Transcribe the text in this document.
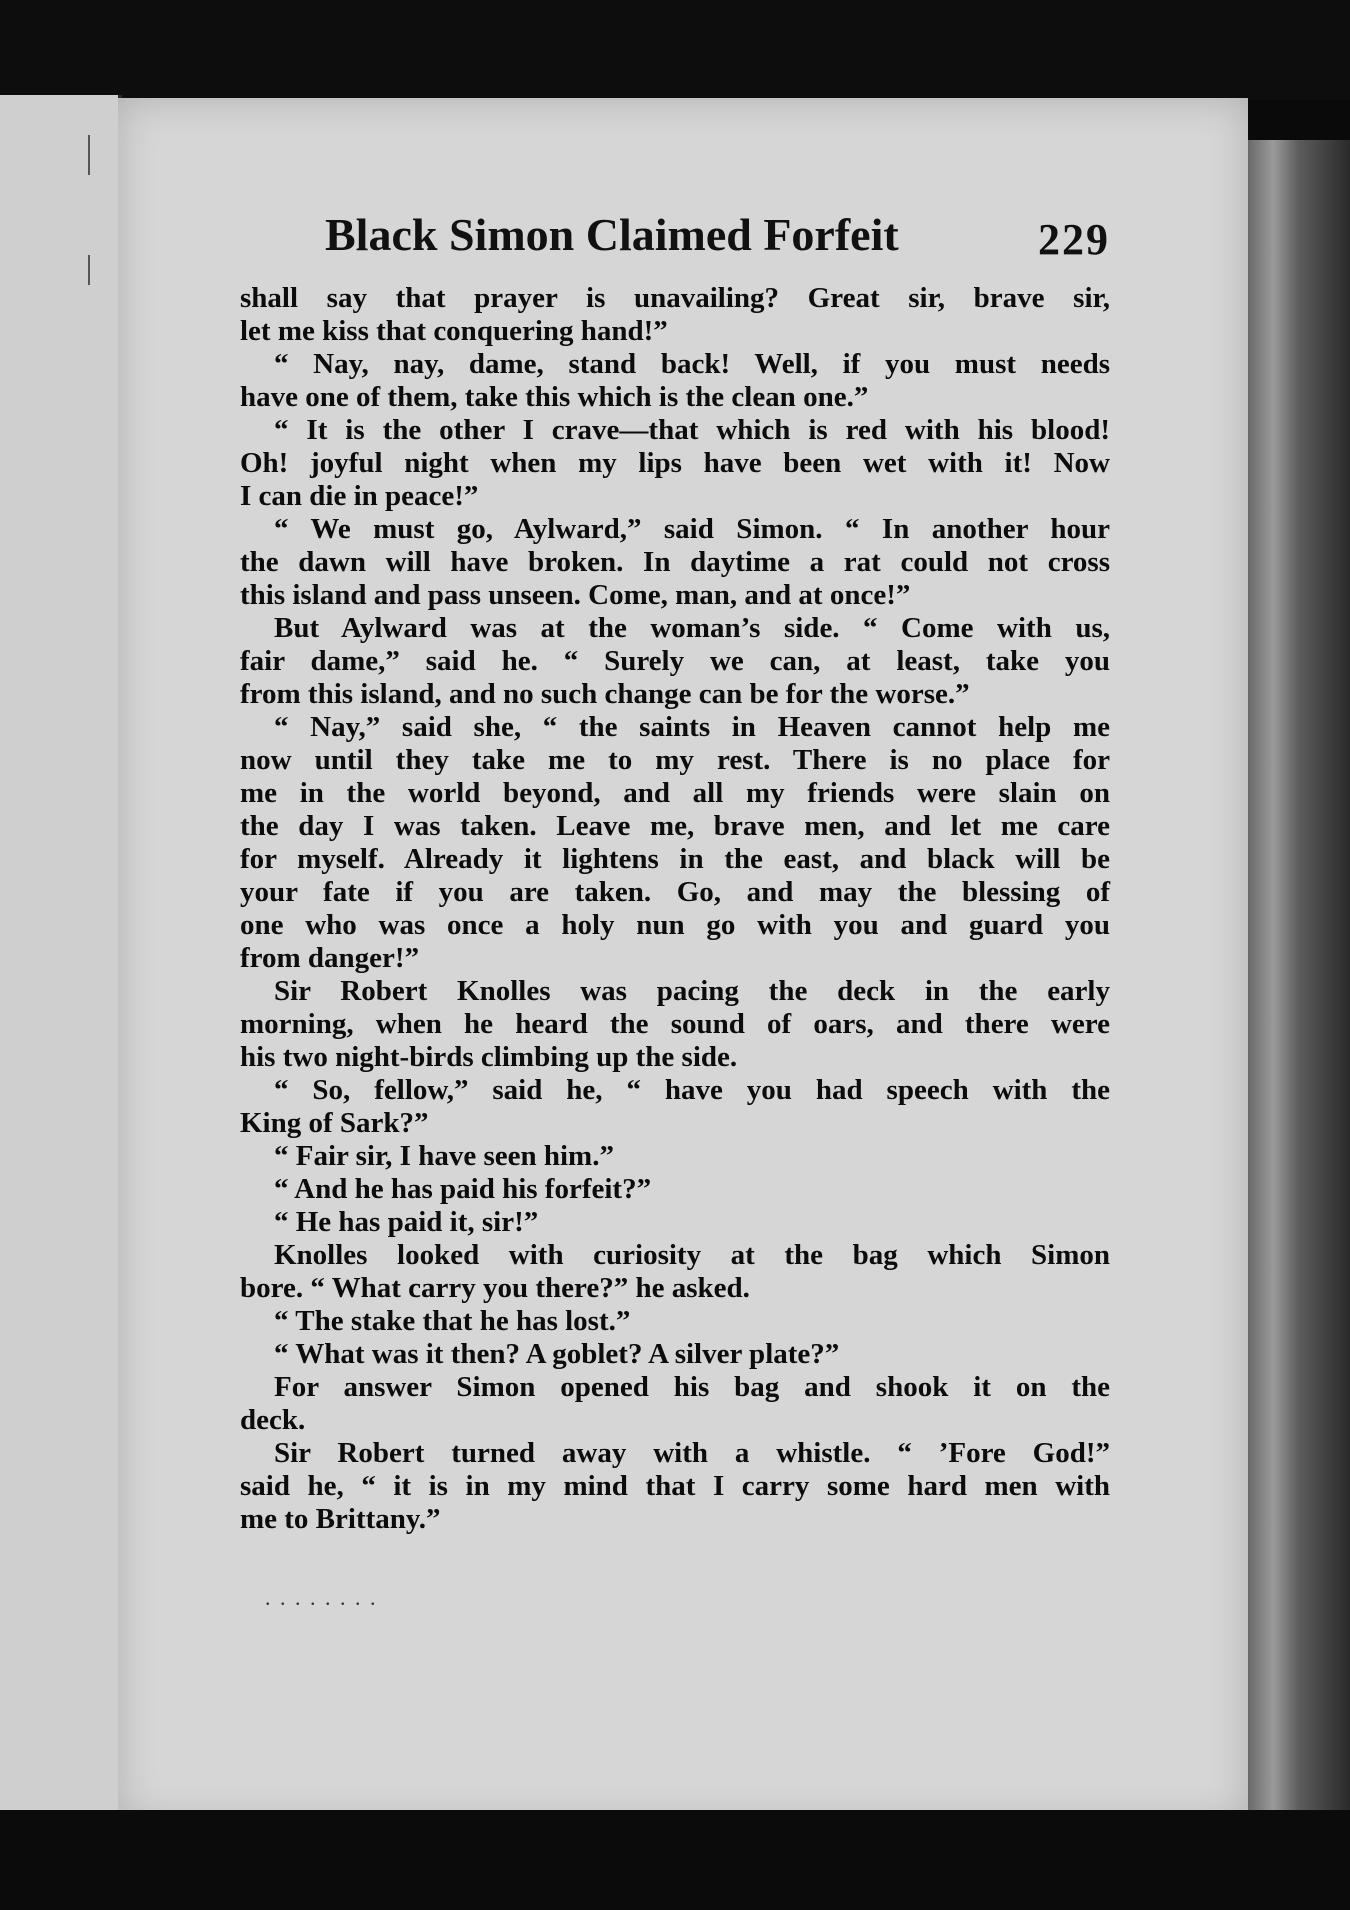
Black Simon Claimed Forfeit	229
shall say that prayer is unavailing? Great sir, brave sir,
let me kiss that conquering hand!”
“ Nay, nay, dame, stand back! Well, if you must needs
have one of them, take this which is the clean one.”
“ It is the other I crave—that which is red with his blood!
Oh! joyful night when my lips have been wet with it! Now
I can die in peace!”
“ We must go, Aylward,” said Simon. “ In another hour
the dawn will have broken. In daytime a rat could not cross
this island and pass unseen. Come, man, and at once!”
But Aylward was at the woman’s side. “ Come with us,
fair dame,” said he. “ Surely we can, at least, take you
from this island, and no such change can be for the worse.”
“ Nay,” said she, “ the saints in Heaven cannot help me
now until they take me to my rest. There is no place for
me in the world beyond, and all my friends were slain on
the day I was taken. Leave me, brave men, and let me care
for myself. Already it lightens in the east, and black will be
your fate if you are taken. Go, and may the blessing of
one who was once a holy nun go with you and guard you
from danger!”
Sir Robert Knolles was pacing the deck in the early
morning, when he heard the sound of oars, and there were
his two night-birds climbing up the side.
“ So, fellow,” said he, “ have you had speech with the
King of Sark?”
“ Fair sir, I have seen him.”
“ And he has paid his forfeit?”
“ He has paid it, sir!”
Knolles looked with curiosity at the bag which Simon
bore. “ What carry you there?” he asked.
“ The stake that he has lost.”
“ What was it then? A goblet? A silver plate?”
For answer Simon opened his bag and shook it on the
deck.
Sir Robert turned away with a whistle. “ ’Fore God!”
said he, “ it is in my mind that I carry some hard men with
me to Brittany.”
. . . . . . . .
